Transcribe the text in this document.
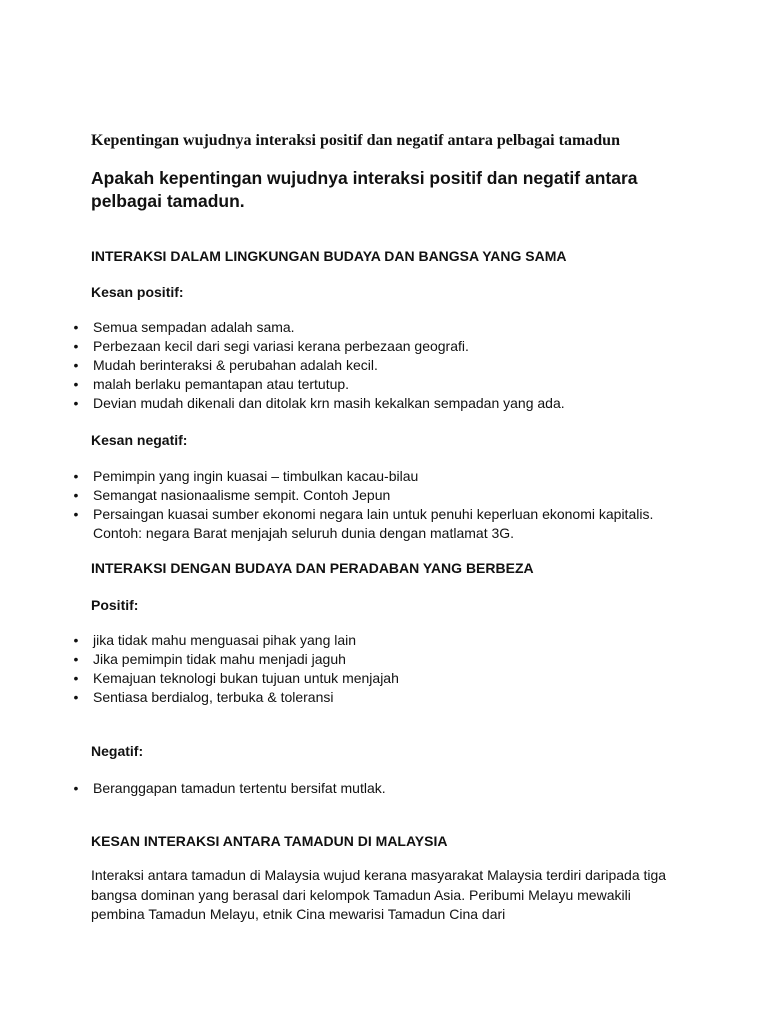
Kepentingan wujudnya interaksi positif dan negatif antara pelbagai tamadun
Apakah kepentingan wujudnya interaksi positif dan negatif antara pelbagai tamadun.
INTERAKSI DALAM LINGKUNGAN BUDAYA DAN BANGSA YANG SAMA
Kesan positif:
• Semua sempadan adalah sama.
• Perbezaan kecil dari segi variasi kerana perbezaan geografi.
• Mudah berinteraksi & perubahan adalah kecil.
• malah berlaku pemantapan atau tertutup.
• Devian mudah dikenali dan ditolak krn masih kekalkan sempadan yang ada.
Kesan negatif:
• Pemimpin yang ingin kuasai – timbulkan kacau-bilau
• Semangat nasionaalisme sempit. Contoh Jepun
• Persaingan kuasai sumber ekonomi negara lain untuk penuhi keperluan ekonomi kapitalis. Contoh: negara Barat menjajah seluruh dunia dengan matlamat 3G.
INTERAKSI DENGAN BUDAYA DAN PERADABAN YANG BERBEZA
Positif:
• jika tidak mahu menguasai pihak yang lain
• Jika pemimpin tidak mahu menjadi jaguh
• Kemajuan teknologi bukan tujuan untuk menjajah
• Sentiasa berdialog, terbuka & toleransi
Negatif:
• Beranggapan tamadun tertentu bersifat mutlak.
KESAN INTERAKSI ANTARA TAMADUN DI MALAYSIA

Interaksi antara tamadun di Malaysia wujud kerana masyarakat Malaysia terdiri daripada tiga bangsa dominan yang berasal dari kelompok Tamadun Asia. Peribumi Melayu mewakili pembina Tamadun Melayu, etnik Cina mewarisi Tamadun Cina dari
